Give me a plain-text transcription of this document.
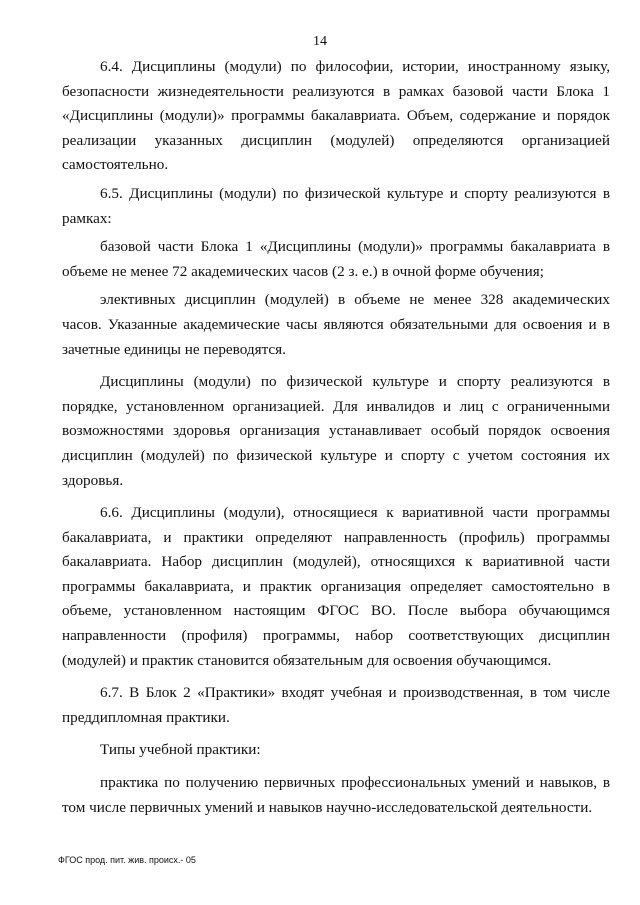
14

6.4. Дисциплины (модули) по философии, истории, иностранному языку, безопасности жизнедеятельности реализуются в рамках базовой части Блока 1 «Дисциплины (модули)» программы бакалавриата. Объем, содержание и порядок реализации указанных дисциплин (модулей) определяются организацией самостоятельно.

6.5. Дисциплины (модули) по физической культуре и спорту реализуются в рамках:

базовой части Блока 1 «Дисциплины (модули)» программы бакалавриата в объеме не менее 72 академических часов (2 з. е.) в очной форме обучения;

элективных дисциплин (модулей) в объеме не менее 328 академических часов. Указанные академические часы являются обязательными для освоения и в зачетные единицы не переводятся.

Дисциплины (модули) по физической культуре и спорту реализуются в порядке, установленном организацией. Для инвалидов и лиц с ограниченными возможностями здоровья организация устанавливает особый порядок освоения дисциплин (модулей) по физической культуре и спорту с учетом состояния их здоровья.

6.6. Дисциплины (модули), относящиеся к вариативной части программы бакалавриата, и практики определяют направленность (профиль) программы бакалавриата. Набор дисциплин (модулей), относящихся к вариативной части программы бакалавриата, и практик организация определяет самостоятельно в объеме, установленном настоящим ФГОС ВО. После выбора обучающимся направленности (профиля) программы, набор соответствующих дисциплин (модулей) и практик становится обязательным для освоения обучающимся.

6.7. В Блок 2 «Практики» входят учебная и производственная, в том числе преддипломная практики.

Типы учебной практики:

практика по получению первичных профессиональных умений и навыков, в том числе первичных умений и навыков научно-исследовательской деятельности.

ФГОС прод. пит. жив. происх.- 05
